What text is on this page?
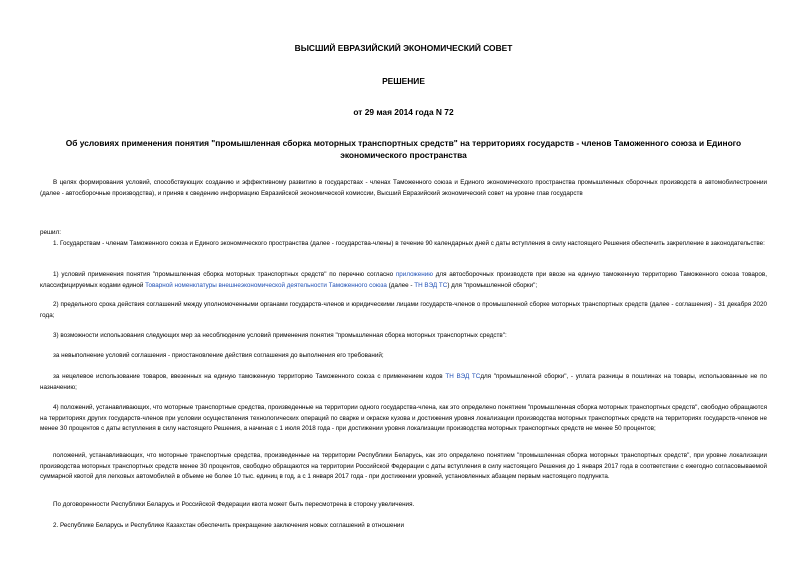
ВЫСШИЙ ЕВРАЗИЙСКИЙ ЭКОНОМИЧЕСКИЙ СОВЕТ
РЕШЕНИЕ
от 29 мая 2014 года N 72
Об условиях применения понятия "промышленная сборка моторных транспортных средств" на территориях государств - членов Таможенного союза и Единого экономического пространства

В целях формирования условий, способствующих созданию и эффективному развитию в государствах - членах Таможенного союза и Единого экономического пространства промышленных сборочных производств в автомобилестроении (далее - автосборочные производства), и приняв к сведению информацию Евразийской экономической комиссии, Высший Евразийский экономический совет на уровне глав государств

решил:

1. Государствам - членам Таможенного союза и Единого экономического пространства (далее - государства-члены) в течение 90 календарных дней с даты вступления в силу настоящего Решения обеспечить закрепление в законодательстве:

1) условий применения понятия "промышленная сборка моторных транспортных средств" по перечню согласно приложению для автосборочных производств при ввозе на единую таможенную территорию Таможенного союза товаров, классифицируемых кодами единой Товарной номенклатуры внешнеэкономической деятельности Таможенного союза (далее - ТН ВЭД ТС) для "промышленной сборки";

2) предельного срока действия соглашений между уполномоченными органами государств-членов и юридическими лицами государств-членов о промышленной сборке моторных транспортных средств (далее - соглашения) - 31 декабря 2020 года;

3) возможности использования следующих мер за несоблюдение условий применения понятия "промышленная сборка моторных транспортных средств":

за невыполнение условий соглашения - приостановление действия соглашения до выполнения его требований;

за нецелевое использование товаров, ввезенных на единую таможенную территорию Таможенного союза с применением кодов ТН ВЭД ТСдля "промышленной сборки", - уплата разницы в пошлинах на товары, использованные не по назначению;

4) положений, устанавливающих, что моторные транспортные средства, произведенные на территории одного государства-члена, как это определено понятием "промышленная сборка моторных транспортных средств", свободно обращаются на территориях других государств-членов при условии осуществления технологических операций по сварке и окраске кузова и достижения уровня локализации производства моторных транспортных средств на территориях государств-членов не менее 30 процентов с даты вступления в силу настоящего Решения, а начиная с 1 июля 2018 года - при достижении уровня локализации производства моторных транспортных средств не менее 50 процентов;

положений, устанавливающих, что моторные транспортные средства, произведенные на территории Республики Беларусь, как это определено понятием "промышленная сборка моторных транспортных средств", при уровне локализации производства моторных транспортных средств менее 30 процентов, свободно обращаются на территории Российской Федерации с даты вступления в силу настоящего Решения до 1 января 2017 года в соответствии с ежегодно согласовываемой суммарной квотой для легковых автомобилей в объеме не более 10 тыс. единиц в год, а с 1 января 2017 года - при достижении уровней, установленных абзацем первым настоящего подпункта.

По договоренности Республики Беларусь и Российской Федерации квота может быть пересмотрена в сторону увеличения.

2. Республике Беларусь и Республике Казахстан обеспечить прекращение заключения новых соглашений в отношении
